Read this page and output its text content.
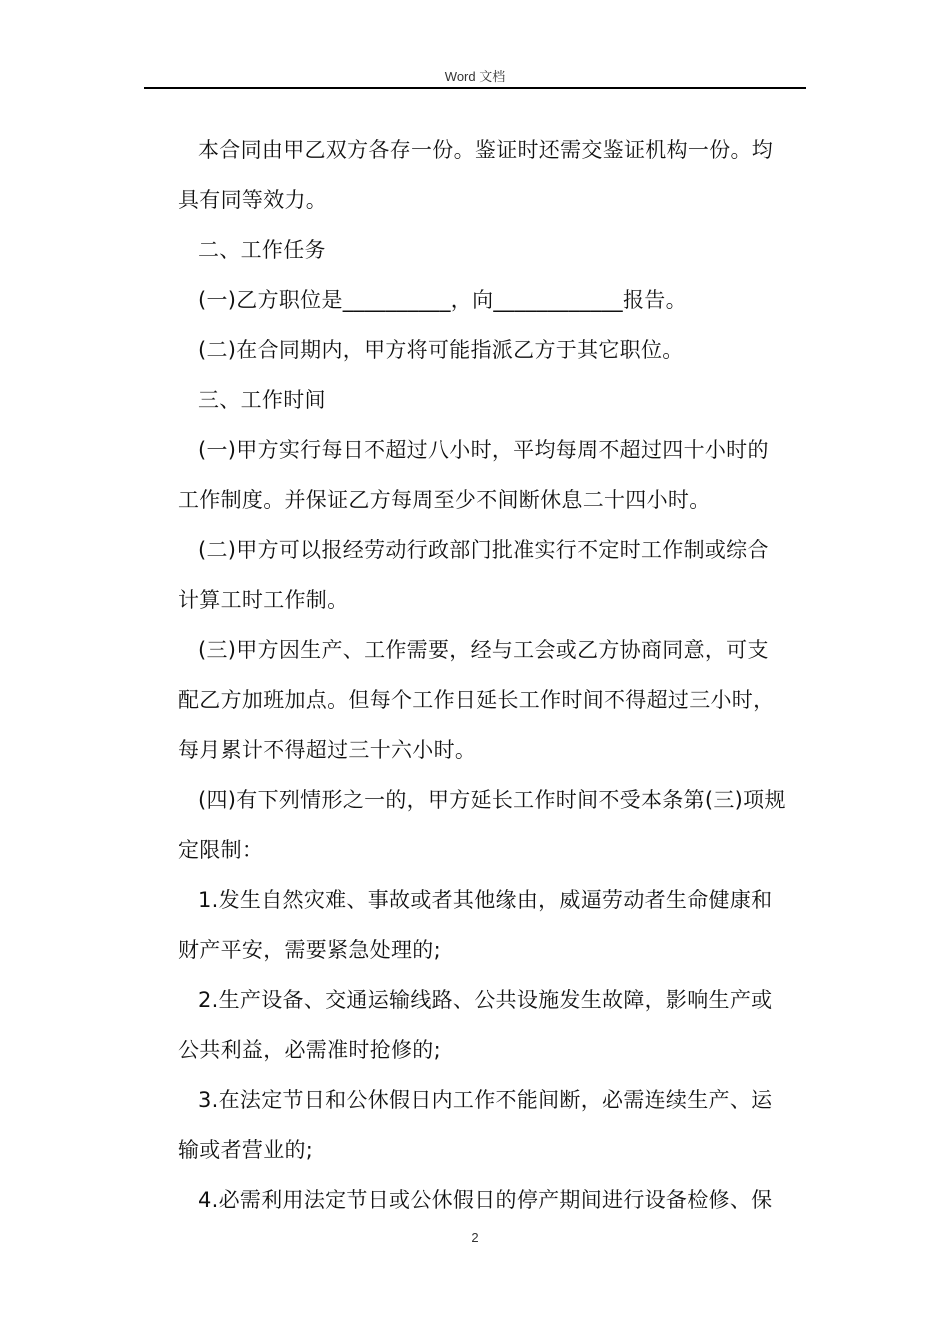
Word 文档

本合同由甲乙双方各存一份。鉴证时还需交鉴证机构一份。均

具有同等效力。

二、工作任务

(一)乙方职位是__________，向____________报告。

(二)在合同期内，甲方将可能指派乙方于其它职位。

三、工作时间

(一)甲方实行每日不超过八小时，平均每周不超过四十小时的

工作制度。并保证乙方每周至少不间断休息二十四小时。

(二)甲方可以报经劳动行政部门批准实行不定时工作制或综合

计算工时工作制。

(三)甲方因生产、工作需要，经与工会或乙方协商同意，可支

配乙方加班加点。但每个工作日延长工作时间不得超过三小时，

每月累计不得超过三十六小时。

(四)有下列情形之一的，甲方延长工作时间不受本条第(三)项规

定限制：

1.发生自然灾难、事故或者其他缘由，威逼劳动者生命健康和

财产平安，需要紧急处理的;

2.生产设备、交通运输线路、公共设施发生故障，影响生产或

公共利益，必需准时抢修的;

3.在法定节日和公休假日内工作不能间断，必需连续生产、运

输或者营业的;

4.必需利用法定节日或公休假日的停产期间进行设备检修、保

2
